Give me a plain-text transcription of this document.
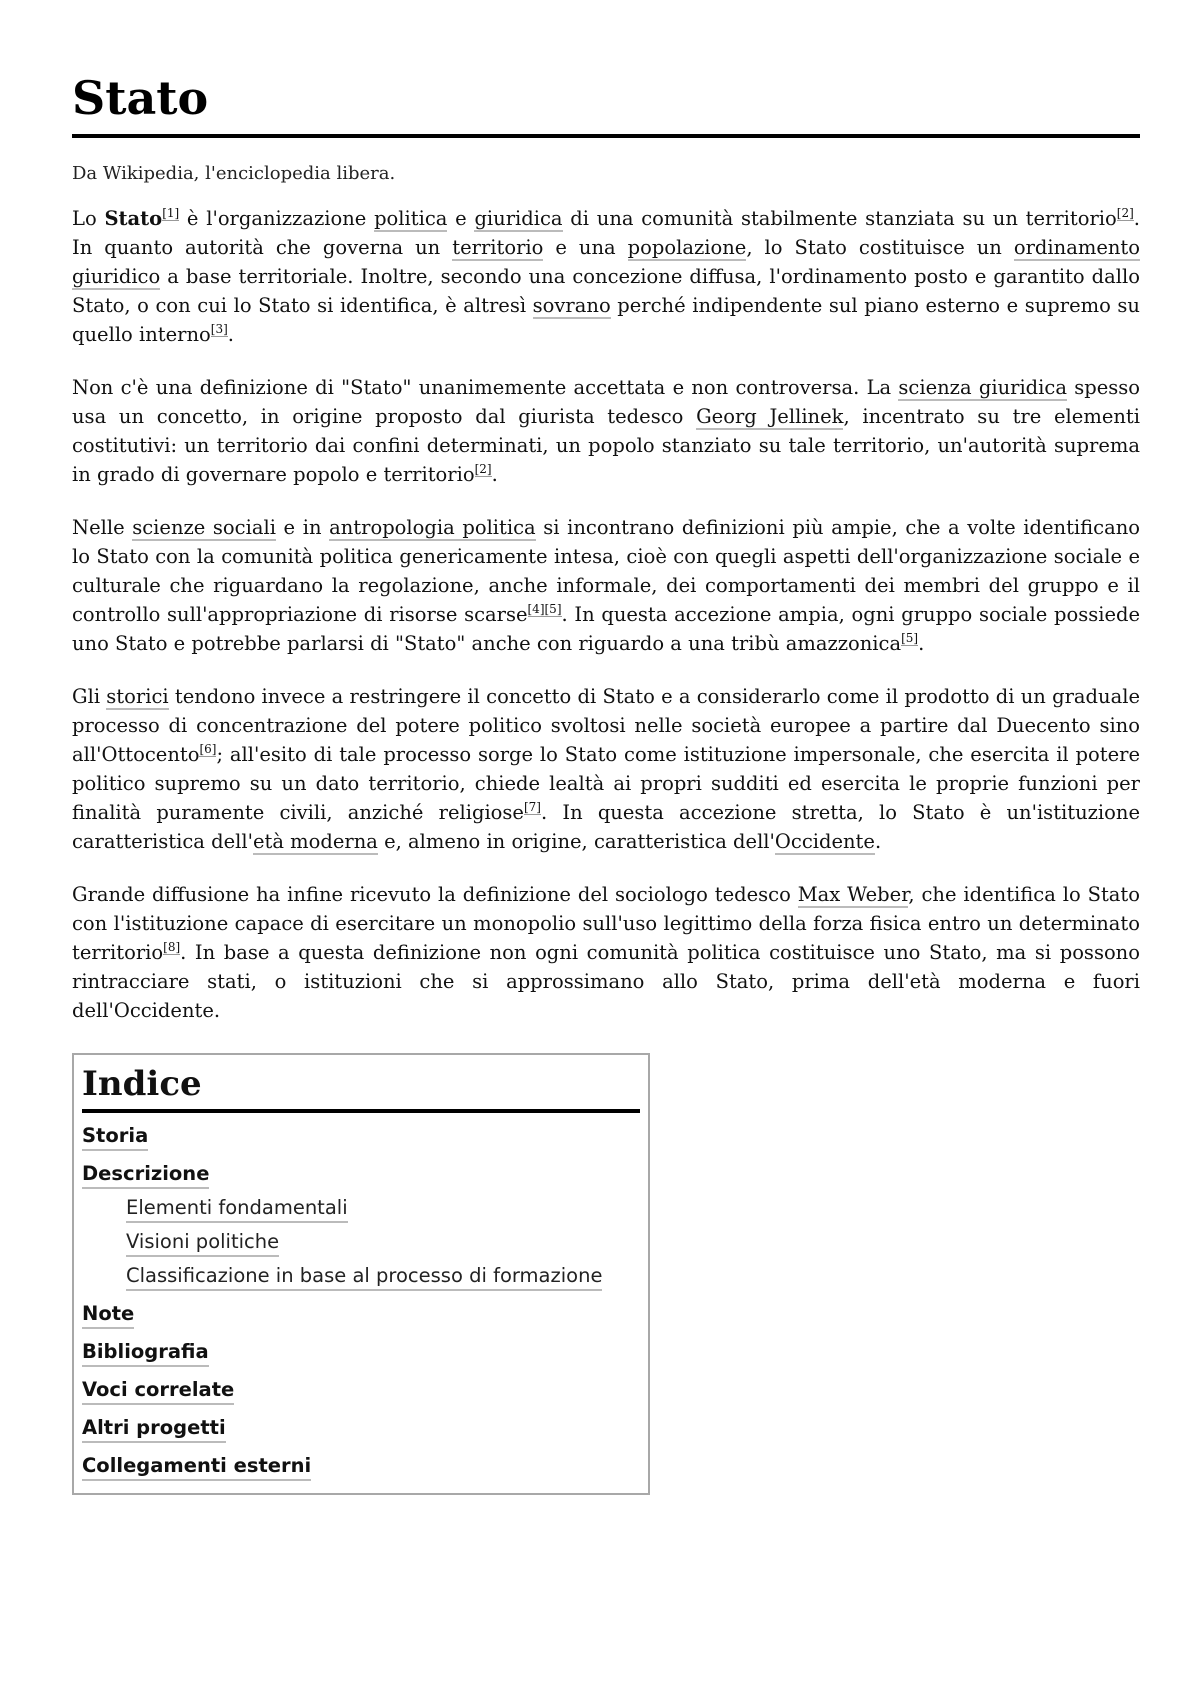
Stato
Da Wikipedia, l'enciclopedia libera.

Lo Stato[1] è l'organizzazione politica e giuridica di una comunità stabilmente stanziata su un territorio[2]. In quanto autorità che governa un territorio e una popolazione, lo Stato costituisce un ordinamento giuridico a base territoriale. Inoltre, secondo una concezione diffusa, l'ordinamento posto e garantito dallo Stato, o con cui lo Stato si identifica, è altresì sovrano perché indipendente sul piano esterno e supremo su quello interno[3].

Non c'è una definizione di "Stato" unanimemente accettata e non controversa. La scienza giuridica spesso usa un concetto, in origine proposto dal giurista tedesco Georg Jellinek, incentrato su tre elementi costitutivi: un territorio dai confini determinati, un popolo stanziato su tale territorio, un'autorità suprema in grado di governare popolo e territorio[2].

Nelle scienze sociali e in antropologia politica si incontrano definizioni più ampie, che a volte identificano lo Stato con la comunità politica genericamente intesa, cioè con quegli aspetti dell'organizzazione sociale e culturale che riguardano la regolazione, anche informale, dei comportamenti dei membri del gruppo e il controllo sull'appropriazione di risorse scarse[4][5]. In questa accezione ampia, ogni gruppo sociale possiede uno Stato e potrebbe parlarsi di "Stato" anche con riguardo a una tribù amazzonica[5].

Gli storici tendono invece a restringere il concetto di Stato e a considerarlo come il prodotto di un graduale processo di concentrazione del potere politico svoltosi nelle società europee a partire dal Duecento sino all'Ottocento[6]; all'esito di tale processo sorge lo Stato come istituzione impersonale, che esercita il potere politico supremo su un dato territorio, chiede lealtà ai propri sudditi ed esercita le proprie funzioni per finalità puramente civili, anziché religiose[7]. In questa accezione stretta, lo Stato è un'istituzione caratteristica dell'età moderna e, almeno in origine, caratteristica dell'Occidente.

Grande diffusione ha infine ricevuto la definizione del sociologo tedesco Max Weber, che identifica lo Stato con l'istituzione capace di esercitare un monopolio sull'uso legittimo della forza fisica entro un determinato territorio[8]. In base a questa definizione non ogni comunità politica costituisce uno Stato, ma si possono rintracciare stati, o istituzioni che si approssimano allo Stato, prima dell'età moderna e fuori dell'Occidente.

Indice
Storia
Descrizione
Elementi fondamentali
Visioni politiche
Classificazione in base al processo di formazione
Note
Bibliografia
Voci correlate
Altri progetti
Collegamenti esterni
